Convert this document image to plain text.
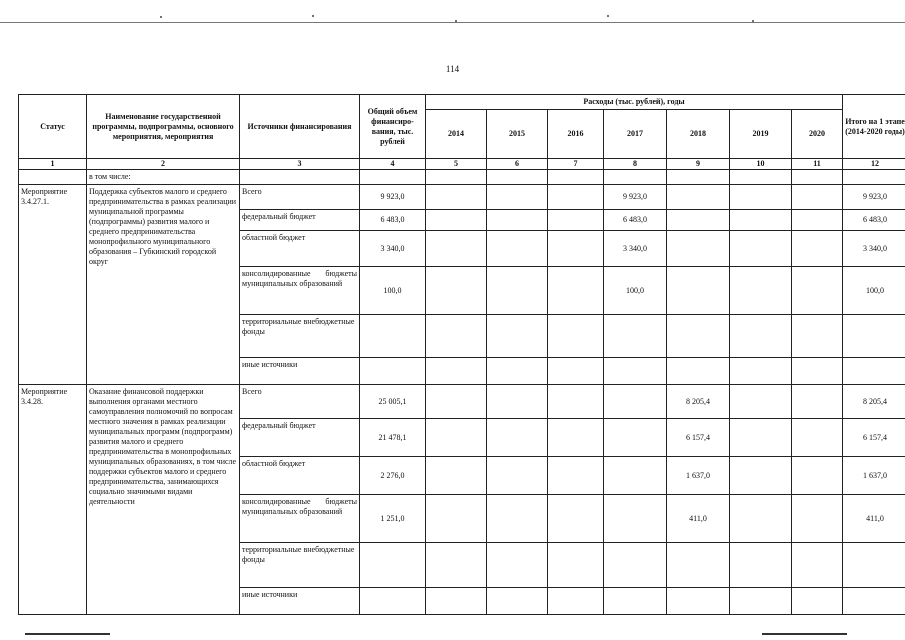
114
Статус	Наименование государственной программы, подпрограммы, основного мероприятия, мероприятия	Источники финансирования	Общий объем финансиро-вания, тыс. рублей	Расходы (тыс. рублей), годы							Итого на 1 этапе (2014-2020 годы)
				2014	2015	2016	2017	2018	2019	2020	
1	2	3	4	5	6	7	8	9	10	11	12
	в том числе:										
Мероприятие 3.4.27.1.	Поддержка субъектов малого и среднего предпринимательства в рамках реализации муниципальной программы (подпрограммы) развития малого и среднего предпринимательства монопрофильного муниципального образования – Губкинский городской округ	Всего	9 923,0				9 923,0				9 923,0
		федеральный бюджет	6 483,0				6 483,0				6 483,0
		областной бюджет	3 340,0				3 340,0				3 340,0
		консолидированные бюджеты муниципальных образований	100,0				100,0				100,0
		территориальные внебюджетные фонды									
		иные источники									
Мероприятие 3.4.28.	Оказание финансовой поддержки выполнения органами местного самоуправления полномочий по вопросам местного значения в рамках реализации муниципальных программ (подпрограмм) развития малого и среднего предпринимательства в монопрофильных муниципальных образованиях, в том числе поддержки субъектов малого и среднего предпринимательства, занимающихся социально значимыми видами деятельности	Всего	25 005,1					8 205,4			8 205,4
		федеральный бюджет	21 478,1					6 157,4			6 157,4
		областной бюджет	2 276,0					1 637,0			1 637,0
		консолидированные бюджеты муниципальных образований	1 251,0					411,0			411,0
		территориальные внебюджетные фонды									
		иные источники									
